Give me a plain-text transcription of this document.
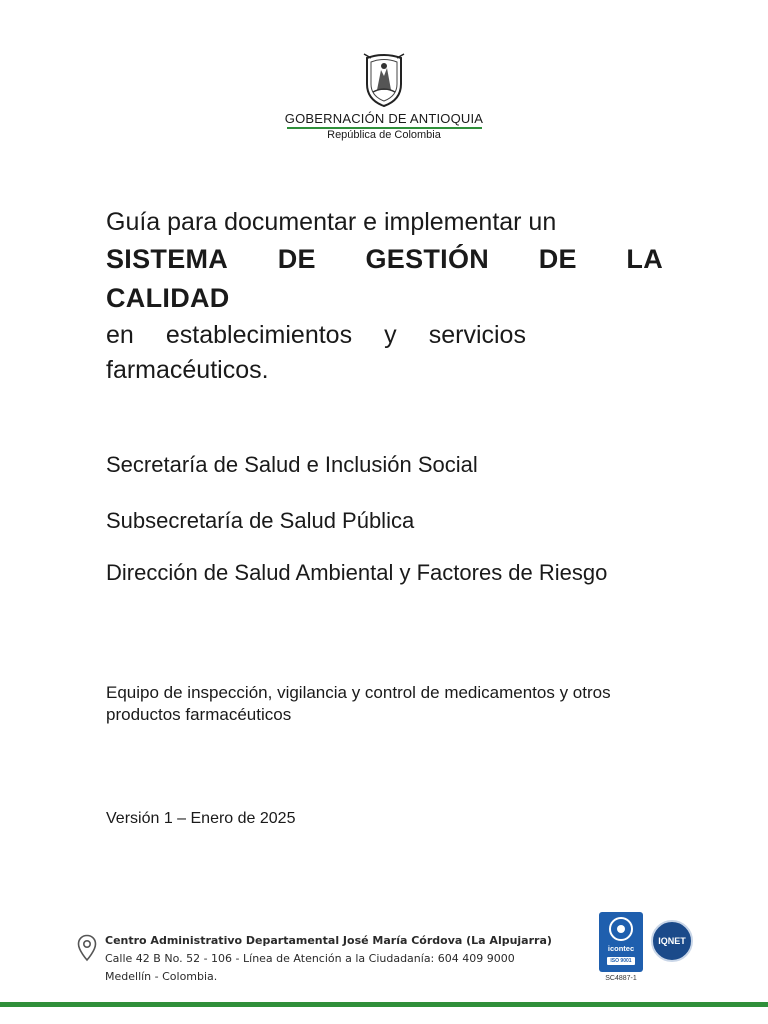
GOBERNACIÓN DE ANTIOQUIA
República de Colombia
Guía para documentar e implementar un
SISTEMA DE GESTIÓN DE LA
CALIDAD
en establecimientos y servicios
farmacéuticos.
Secretaría de Salud e Inclusión Social
Subsecretaría de Salud Pública
Dirección de Salud Ambiental y Factores de Riesgo
Equipo de inspección, vigilancia y control de medicamentos y otros productos farmacéuticos
Versión 1 – Enero de 2025
Centro Administrativo Departamental José María Córdova (La Alpujarra)
Calle 42 B No. 52 - 106 - Línea de Atención a la Ciudadanía: 604 409 9000
Medellín - Colombia.
icontec
ISO 9001
SC4887-1
IQNET
